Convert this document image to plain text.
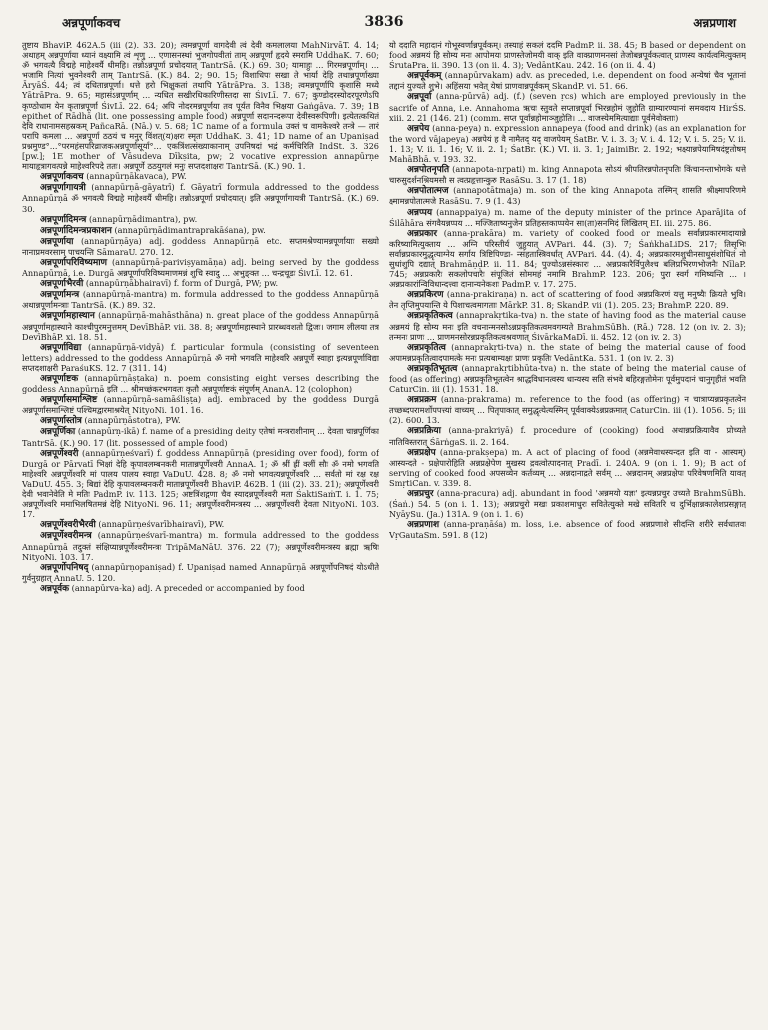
अन्नपूर्णाकवच	3836	अन्नप्रणाश

तुष्टाय BhaviP. 462A.5 (iii (2). 33. 20); त्वमन्नपूर्णा वागदेवी त्वं देवी कमलालया MahNirvāT. 4. 14; अथाहम् अन्नपूर्णाया ध्यानं वक्ष्यामि त्वं शृणु ... एणासनस्थां भुजगोपवीतां ताम् अन्नपूर्णां हृदये स्मरामि UddhaK. 7. 60; ॐ भगवत्यै विद्महे माहेश्वर्यै धीमहि। तन्नोऽन्नपूर्णा प्रचोदयात् TantrSā. (K.) 69. 30; यामाहुः ... गिरमन्नपूर्णाम्। ... भजामि नित्यां भुवनेश्वरी ताम् TantrSā. (K.) 84. 2; 90. 15; विशाधिपः सखा ते भार्या देहि तथान्नपूर्णाख्या ĀryāŚ. 44; त्वं दधितान्नपूर्णा। धत्ते हरो भिक्षुकतां तथापि YātrāPra. 3. 138; त्वमन्नपूर्णापि कृशासि मध्ये YātrāPra. 9. 65; महासंऽन्नपूर्णाम् ... न्यधित सखीरधिकारिणीस्तदा सा ŚivLī. 7. 67; कुण्डोदरस्योदरपूरणेऽपि कृण्ठोधाम येन कृतान्नपूर्णा ŚivLī. 22. 64; अपि नोदरमन्नपूर्णया तव पूर्यत विनैव भिक्षया Gaṅgāva. 7. 39; 1B epithet of Rādhā (lit. one possessing ample food) अन्नपूर्णा सदानन्दरूपा देवीस्वरूपिणी। इत्येतत्कथितं देवि राधानामसहस्रकम् PañcaRā. (Nā.) v. 5. 68; 1C name of a formula उक्तं च वामकेश्वरे तन्त्रे — तारं परापि कमला ... अन्नपूर्णा ठठयं च मनुर् विंशत्(य)क्षरः स्मृतः UddhaK. 3. 41; 1D name of an Upaniṣad प्रश्नमुण्ड°...°परमहंसपरिव्राजकअन्नपूर्णासूर्या°... एकत्रिंशत्संख्याकानाम् उपनिषदां भद्रं कर्मचिरिति IndSt. 3. 326 [pw.]; 1E mother of Vāsudeva Dīkṣita, pw; 2 vocative expression annapūrṇe मायाहृत्रागवत्पन्ने माहेश्वरिपदे ततः। अन्नपूर्णे ठठयुगलं मनुः सप्तदशाक्षरः TantrSā. (K.) 90. 1.

अन्नपूर्णाकवच (annapūrṇākavaca), PW.

अन्नपूर्णागायत्री (annapūrṇā-gāyatrī) f. Gāyatrī formula addressed to the goddess Annapūrṇā ॐ भगवत्यै विद्महे माहेश्वर्यै धीमहि। तन्नोऽन्नपूर्णा प्रचोदयात्। इति अन्नपूर्णागायत्री TantrSā. (K.) 69. 30.

अन्नपूर्णादिमन्त्र (annapūrṇādimantra), pw.

अन्नपूर्णादिमन्त्रप्रकाशन (annapūrṇādimantraprakāśana), pw.

अन्नपूर्णाया (annapūrṇāya) adj. goddess Annapūrṇā etc. सप्तमश्रेण्यामन्नपूर्णायाः सख्यो नानाप्रमवरसाम् पाचयन्ति SāmaraU. 270. 12.

अन्नपूर्णापरिविष्यमाण (annapūrṇā-pariviṣyamāṇa) adj. being served by the goddess Annapūrṇā, i.e. Durgā अन्नपूर्णापरिविष्यमाणमन्नं शुचि स्वादु ... अभुङ्क्त ... चन्द्रचूडः ŚivLī. 12. 61.

अन्नपूर्णाभैरवी (annapūrṇābhairavī) f. form of Durgā, PW; pw.

अन्नपूर्णामन्त्र (annapūrṇā-mantra) m. formula addressed to the goddess Annapūrṇā अथान्नपूर्णामन्त्राः TantrSā. (K.) 89. 32.

अन्नपूर्णामहास्थान (annapūrṇā-mahāsthāna) n. great place of the goddess Annapūrṇā अन्नपूर्णामहास्थाने काश्चीपुरमनुत्तमम् DevīBhāP. vii. 38. 8; अन्नपूर्णामहास्थाने प्रारब्धवशतो द्विजः। जगाम लीलया तत्र DevīBhāP. xi. 18. 51.

अन्नपूर्णाविद्या (annapūrṇā-vidyā) f. particular formula (consisting of seventeen letters) addressed to the goddess Annapūrṇā ॐ नमो भगवति माहेश्वरि अन्नपूर्णे स्वाहा इत्यन्नपूर्णाविद्या सप्तदशाक्षरी ParaśuKS. 12. 7 (311. 14)

अन्नपूर्णाष्टक (annapūrṇāṣṭaka) n. poem consisting eight verses describing the goddess Annapūrṇā इति ... श्रीमच्छंकरभगवतः कृतौ अन्नपूर्णाष्टकं संपूर्णम् AnanA. 12 (colophon)

अन्नपूर्णासमाश्लिष्ट (annapūrṇā-samāśliṣṭa) adj. embraced by the goddess Durgā अन्नपूर्णासमाश्लिष्टं पश्चिमद्वारमाश्रयेत् NityoNi. 101. 16.

अन्नपूर्णास्तोत्र (annapūrṇāstotra), PW.

अन्नपूर्णिका (annapūrṇ-ikā) f. name of a presiding deity एतेषां मन्त्रराशीनाम् ... देवता चान्नपूर्णिका TantrSā. (K.) 90. 17 (lit. possessed of ample food)

अन्नपूर्णेश्वरी (annapūrṇeśvarī) f. goddess Annapūrṇā (presiding over food), form of Durgā or Pārvatī भिक्षां देहि कृपावलम्बनकरी मातान्नपूर्णेश्वरी AnnaA. 1; ॐ श्रीं ह्रीं क्लीं सौः ॐ नमो भगवति माहेश्वरि अन्नपूर्णेश्वरि मां पालय पालय स्वाहा VaDuU. 428. 8; ॐ नमो भगवत्यन्नपूर्णेश्वरि ... सर्वतो मां रक्ष रक्ष VaDuU. 455. 3; बिद्यां देहि कृपावलम्बनकरी मातान्नपूर्णेश्वरी BhaviP. 462B. 1 (iii (2). 33. 21); अन्नपूर्णेश्वरी देवी भवानेवेति मे मतिः PadmP. iv. 113. 125; अष्टत्रिंशद्गणा चैव स्यादन्नपूर्णेश्वरी मता ŚaktiSaṁT. i. 1. 75; अन्नपूर्णेश्वरि ममाभिलषितमन्नं देहि NityoNi. 96. 11; अन्नपूर्णेश्वरीमन्त्रस्य ... अन्नपूर्णेश्वरी देवता NityoNi. 103. 17.

अन्नपूर्णेश्वरीभैरवी (annapūrṇeśvarībhairavī), PW.

अन्नपूर्णेश्वरीमन्त्र (annapūrṇeśvarī-mantra) m. formula addressed to the goddess Annapūrṇā तदुक्तं संक्षिप्यान्नपूर्णेश्वरीमन्त्रः TripāMaNāU. 376. 22 (7); अन्नपूर्णेश्वरीमन्त्रस्य ब्रह्मा ऋषिः NityoNi. 103. 17.

अन्नपूर्णोपनिषद् (annapūrṇopaniṣad) f. Upaniṣad named Annapūrṇā अन्नपूर्णोपनिषदं योऽधीते गुर्वनुग्रहात् AnnaU. 5. 120.

अन्नपूर्वक (annapūrva-ka) adj. A preceded or accompanied by food

यो ददाति महादानं गोभूस्वर्णान्नपूर्वकम्। तस्याहं सकलं ददमि PadmP. ii. 38. 45; B based or dependent on food अन्नमयं हि सोम्य मनः आपोमयः प्राणस्तेजोमयी वाक् इति वाक्प्राणमनसां तेजोबन्नपूर्वकत्वात् प्राणस्य कार्यत्वमित्युक्तम् ŚrutaPra. ii. 390. 13 (on ii. 4. 3); VedāntKau. 242. 16 (on ii. 4. 4)

अन्नपूर्वकम् (annapūrvakam) adv. as preceded, i.e. dependent on food अन्येषां चैव भूतानां तद्दानं युज्यते शुभे। अहिंसया भवेत् येषां प्राणवान्नपूर्वकम् SkandP. vi. 51. 66.

अन्नपूर्वा (anna-pūrvā) adj. (f.) (seven ṛcs) which are employed previously in the sacrife of Anna, i.e. Annahoma ऋचः स्तुवते सप्तान्नपूर्वा भिरन्नहोमं जुहोति ग्राम्यारण्यानां समवदाय HirŚS. xiii. 2. 21 (146. 21) (comm. सप्त पूर्वान्नहोमाञ्जुहोति। ... वाजस्येममित्याद्याः पूर्वमेवोक्ताः)

अन्नपेय (anna-peya) n. expression annapeya (food and drink) (as an explanation for the word vājapeya) अन्नपेयं ह वै नामैतद् यद् वाजपेयम् ŚatBr. V. i. 3. 3; V. i. 4. 12; V. i. 5. 25; V. ii. 1. 13; V. ii. 1. 16; V. ii. 2. 1; ŚatBr. (K.) VI. ii. 3. 1; JaimiBr. 2. 192; भक्ष्यान्नपेयामिषदंष्ट्रतोषम् MahāBhā. v. 193. 32.

अन्नपोतनृपति (annapota-nṛpati) m. king Annapota सोऽयं श्रीपतिरन्नपोतनृपतिः किंचानन्ताभोगके धत्ते चारुसुदर्शनश्रियमसौ स त्वत्प्रहृत्तान्कुरु RasāSu. 3. 17 (1. 18)

अन्नपोतात्मज (annapotātmaja) m. son of the king Annapota तस्मिन् शासति श्रीक्ष्मापरिणमे क्ष्मामन्नपोतात्मजे RasāSu. 7. 9 (1. 43)

अन्नप्पय (annappaiya) m. name of the deputy minister of the prince Aparājita of Śilāhāra संगवैयन्नप्पय ... मज्जिताष्यनुजेन प्रतिहस्तकाप्पयेन सा(ता)सनमिदं लिखितम् EI. iii. 275. 86.

अन्नप्रकार (anna-prakāra) m. variety of cooked food or meals सर्वान्नप्रकारमादायान्ने करिष्यामित्युक्ताय ... अग्नि परिस्तीर्य जुहुयात् AVPari. 44. (3). 7; ŚaṅkhaLiDS. 217; तिसृभिः सर्वान्नप्रकारमुद्धृत्याग्नेय सर्गाय त्रिष्टिपिण्डा- न्संहतास्त्रिवर्धात् AVPari. 44. (4). 4; अन्नप्रकारमशुचीनसाधुसंशोधितं नो सुधांशुपि दद्यात् BrahmāṇḍP. ii. 11. 84; पुज्योऽन्नसंस्कारः ... अन्नप्रकारैर्विपुलैश्च बलिप्रभिरणभोजनैः NīlaP. 745; अन्नप्रकारैः सकलोपचारैः संपूजितं सोममहं नमामि BrahmP. 123. 206; पुरा स्वर्ग गमिष्यन्ति ... । अन्नप्रकारांन्विविधान्दत्त्वा दानान्यनेकशः PadmP. v. 17. 275.

अन्नप्रकिरण (anna-prakiraṇa) n. act of scattering of food अन्नप्रकिरणं यत्तु मनुष्यैः क्रियते भुवि। तेन तृप्तिमुपयान्ति ये पिशाचत्वमागताः MārkP. 31. 8; SkandP. vii (1). 205. 23; BrahmP. 220. 89.

अन्नप्रकृतिकत्व (annaprakṛtika-tva) n. the state of having food as the material cause अन्नमयं हि सोम्य मनः इति वचनान्मनसोऽन्नप्रकृतिकत्वमवगम्यते BrahmSūBh. (Rā.) 728. 12 (on iv. 2. 3); तन्मनः प्राणः ... प्राणमनसोरन्नप्रकृतिकत्वश्रवणात् ŚivārkaMaDī. ii. 452. 12 (on iv. 2. 3)

अन्नप्रकृतित्व (annaprakṛti-tva) n. the state of being the material cause of food अपामन्नप्रकृतित्वादपामत्के मनः प्रत्यबाम्यक्षः प्राणः प्रकृतिः VedāntKa. 531. 1 (on iv. 2. 3)

अन्नप्रकृतिभूतत्व (annaprakṛtibhūta-tva) n. the state of being the material cause of food (as offering) अन्नप्रकृतिभूतत्वेन श्राद्धविधानत्वस्य धान्यस्य सति संभवे बहिरङ्गतोमेनः पूर्वमुपदानं चानुगृहीतं भवति CaturCin. iii (1). 1531. 18.

अन्नप्रक्रम (anna-prakrama) m. reference to the food (as offering) न चात्राप्यन्नप्रकृतत्वेन तच्छब्दपरामर्शोपपत्त्यां वाच्यम् ... पितृपाकात् समुद्धृत्येत्यस्मिन् पूर्ववाक्येऽन्नप्रक्रमात् CaturCin. iii (1). 1056. 5; iii (2). 600. 13.

अन्नप्रक्रिया (anna-prakriyā) f. procedure of (cooking) food अथान्नप्रक्रियावैव प्रोच्यते नातिविस्तरात् ŚārṅgaS. ii. 2. 164.

अन्नप्रक्षेप (anna-prakṣepa) m. A act of placing of food (अन्नमेवाधस्यन्दत इति वा - आस्यम्) आस्यन्दते - प्रक्षेपारोहिति अन्नप्रक्षेपेण मुखस्य द्रवत्वोत्पादनात् Pradī. i. 240A. 9 (on i. 1. 9); B act of serving of cooked food अपसव्येन कर्तव्यम् ... अन्नदानाद्रते सर्वम् ... अन्नदानम् अन्नप्रक्षेपः परिवेषणमिति यावत् SmṛtiCan. v. 339. 8.

अन्नप्रचुर (anna-pracura) adj. abundant in food 'अन्नमयो यज्ञः' इत्यन्नप्रचुर उच्यते BrahmSūBh. (Śaṅ.) 54. 5 (on i. 1. 13); अन्नप्रचुरो मखः प्रकाशमाधुरः सवितेत्युक्ते मखे सवितरि च दुर्भिक्षान्नकालेशप्रसङ्गात् NyāySu. (Ja.) 131A. 9 (on i. 1. 6)

अन्नप्रणाश (anna-praṇāśa) m. loss, i.e. absence of food अन्नप्रणाशे सीदन्ति शरीरे सर्वधातवः VṛGautaSm. 591. 8 (12)
